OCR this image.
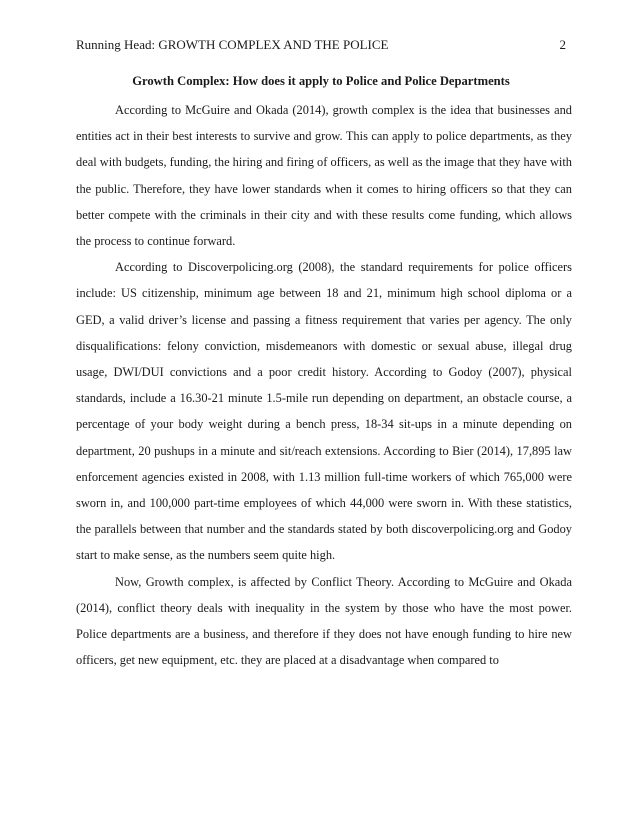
Running Head: GROWTH COMPLEX AND THE POLICE	2
Growth Complex: How does it apply to Police and Police Departments

According to McGuire and Okada (2014), growth complex is the idea that businesses and entities act in their best interests to survive and grow. This can apply to police departments, as they deal with budgets, funding, the hiring and firing of officers, as well as the image that they have with the public. Therefore, they have lower standards when it comes to hiring officers so that they can better compete with the criminals in their city and with these results come funding, which allows the process to continue forward.

According to Discoverpolicing.org (2008), the standard requirements for police officers include: US citizenship, minimum age between 18 and 21, minimum high school diploma or a GED, a valid driver’s license and passing a fitness requirement that varies per agency. The only disqualifications: felony conviction, misdemeanors with domestic or sexual abuse, illegal drug usage, DWI/DUI convictions and a poor credit history. According to Godoy (2007), physical standards, include a 16.30-21 minute 1.5-mile run depending on department, an obstacle course, a percentage of your body weight during a bench press, 18-34 sit-ups in a minute depending on department, 20 pushups in a minute and sit/reach extensions. According to Bier (2014), 17,895 law enforcement agencies existed in 2008, with 1.13 million full-time workers of which 765,000 were sworn in, and 100,000 part-time employees of which 44,000 were sworn in. With these statistics, the parallels between that number and the standards stated by both discoverpolicing.org and Godoy start to make sense, as the numbers seem quite high.

Now, Growth complex, is affected by Conflict Theory. According to McGuire and Okada (2014), conflict theory deals with inequality in the system by those who have the most power. Police departments are a business, and therefore if they does not have enough funding to hire new officers, get new equipment, etc. they are placed at a disadvantage when compared to
